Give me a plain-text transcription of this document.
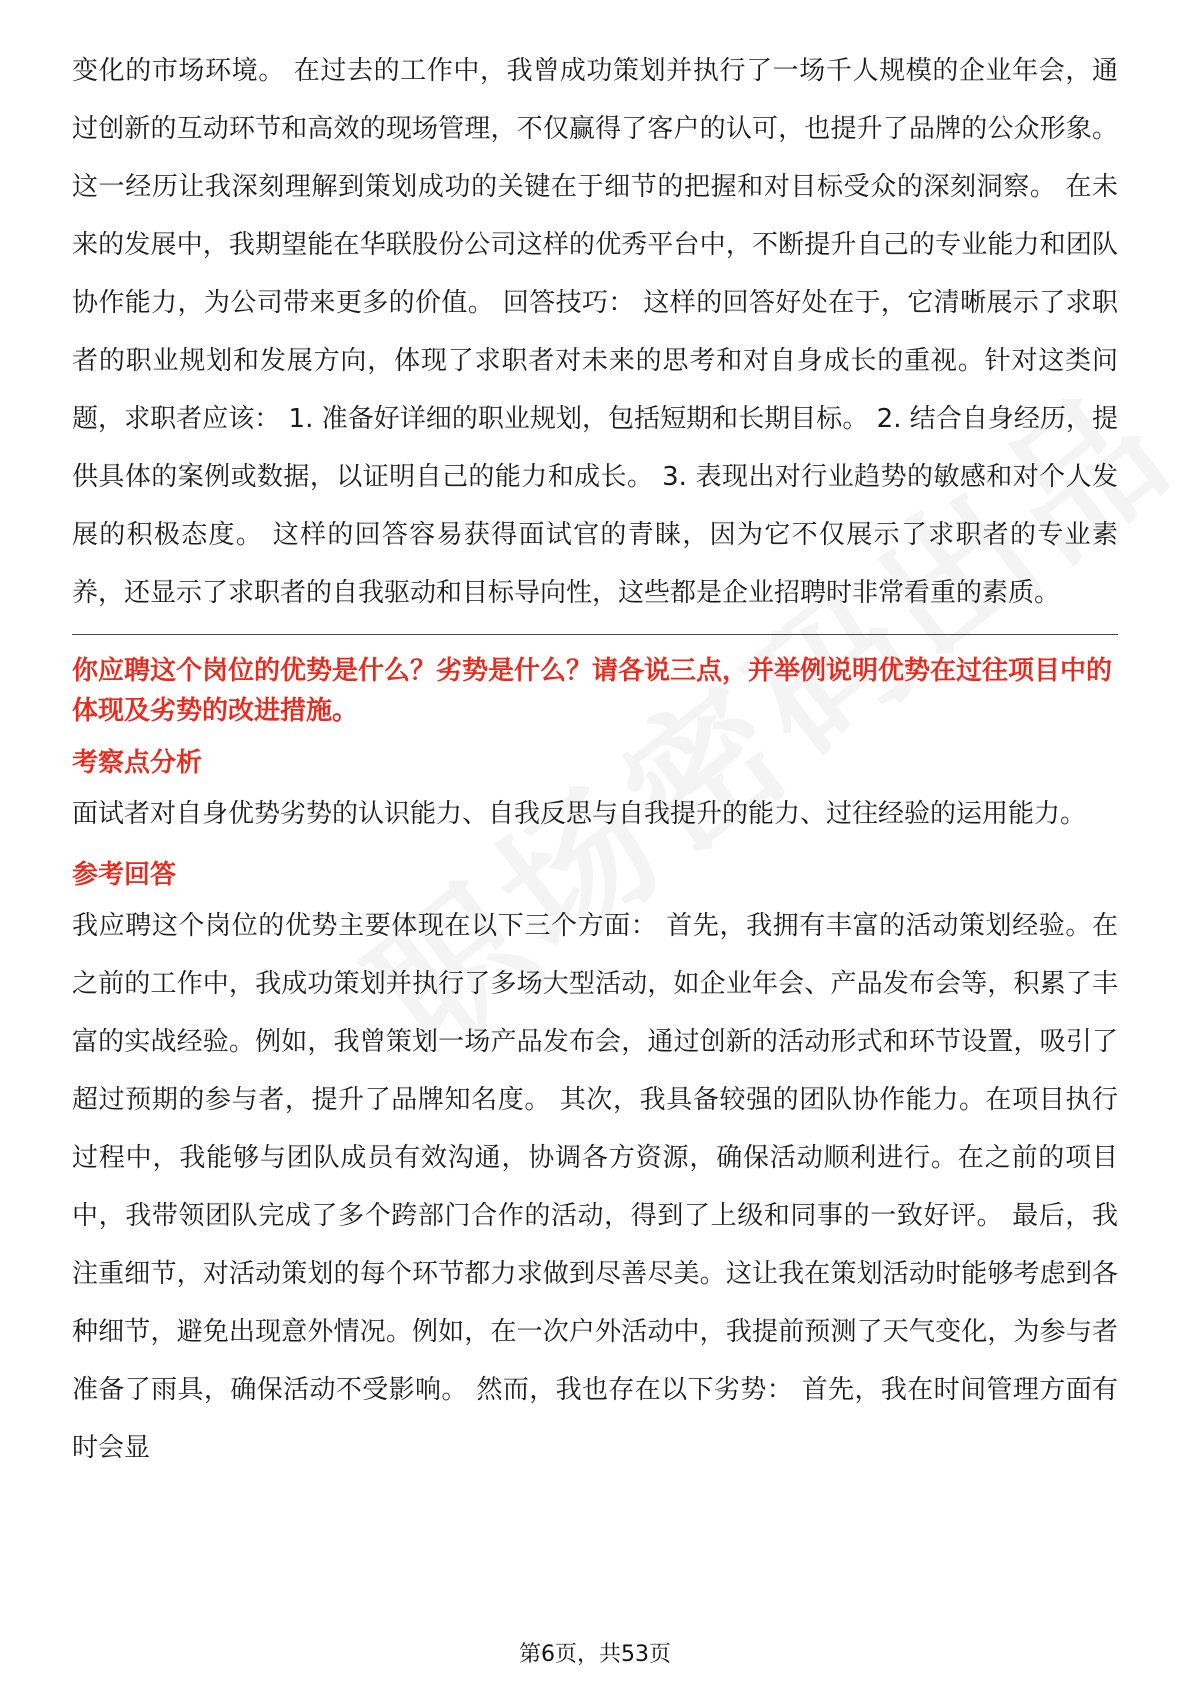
变化的市场环境。 在过去的工作中，我曾成功策划并执行了一场千人规模的企业年会，通过创新的互动环节和高效的现场管理，不仅赢得了客户的认可，也提升了品牌的公众形象。这一经历让我深刻理解到策划成功的关键在于细节的把握和对目标受众的深刻洞察。 在未来的发展中，我期望能在华联股份公司这样的优秀平台中，不断提升自己的专业能力和团队协作能力，为公司带来更多的价值。 回答技巧： 这样的回答好处在于，它清晰展示了求职者的职业规划和发展方向，体现了求职者对未来的思考和对自身成长的重视。针对这类问题，求职者应该： 1. 准备好详细的职业规划，包括短期和长期目标。 2. 结合自身经历，提供具体的案例或数据，以证明自己的能力和成长。 3. 表现出对行业趋势的敏感和对个人发展的积极态度。 这样的回答容易获得面试官的青睐，因为它不仅展示了求职者的专业素养，还显示了求职者的自我驱动和目标导向性，这些都是企业招聘时非常看重的素质。

你应聘这个岗位的优势是什么？劣势是什么？请各说三点，并举例说明优势在过往项目中的体现及劣势的改进措施。

考察点分析

面试者对自身优势劣势的认识能力、自我反思与自我提升的能力、过往经验的运用能力。

参考回答

我应聘这个岗位的优势主要体现在以下三个方面： 首先，我拥有丰富的活动策划经验。在之前的工作中，我成功策划并执行了多场大型活动，如企业年会、产品发布会等，积累了丰富的实战经验。例如，我曾策划一场产品发布会，通过创新的活动形式和环节设置，吸引了超过预期的参与者，提升了品牌知名度。 其次，我具备较强的团队协作能力。在项目执行过程中，我能够与团队成员有效沟通，协调各方资源，确保活动顺利进行。在之前的项目中，我带领团队完成了多个跨部门合作的活动，得到了上级和同事的一致好评。 最后，我注重细节，对活动策划的每个环节都力求做到尽善尽美。这让我在策划活动时能够考虑到各种细节，避免出现意外情况。例如，在一次户外活动中，我提前预测了天气变化，为参与者准备了雨具，确保活动不受影响。 然而，我也存在以下劣势： 首先，我在时间管理方面有时会显

第6页，共53页
